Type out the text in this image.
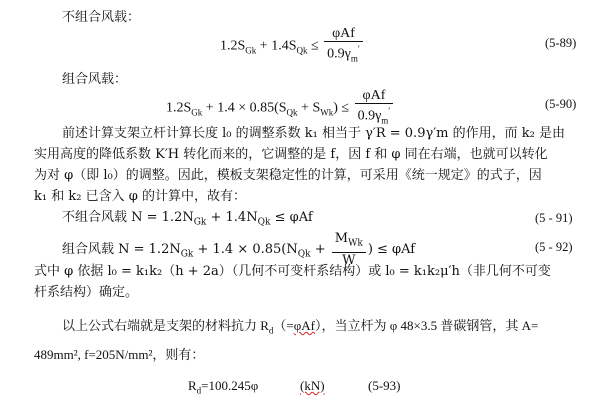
不组合风载：
$1.2S_{Gk} + 1.4S_{Qk} \le \frac{\text{φAf}}{0.9\gamma_m'}$	(5-89)
组合风载：
$1.2S_{Gk} + 1.4 \times 0.85(S_{Qk} + S_{Wk}) \le \frac{\text{φAf}}{0.9\gamma_m'}$	(5-90)
前述计算支架立杆计算长度 l₀ 的调整系数 k₁ 相当于 γ′R = 0.9γ′m 的作用，而 k₂ 是由
实用高度的降低系数 K′H 转化而来的，它调整的是 f，因 f 和 φ 同在右端，也就可以转化
为对 φ（即 l₀）的调整。因此，模板支架稳定性的计算，可采用《统一规定》的式子，因
k₁ 和 k₂ 已含入 φ 的计算中，故有：
不组合风载 $N = 1.2N_{Gk} + 1.4N_{Qk} \le \varphi Af$	(5 - 91)
组合风载 $N = 1.2N_{Gk} + 1.4 \times 0.85(N_{Qk} + \frac{M_{Wk}}{W}$ ) ≤ φAf	(5 - 92)
式中 φ 依据 l₀ = k₁k₂（h + 2a）（几何不可变杆系结构）或 l₀ = k₁k₂μ′h（非几何不可变
杆系结构）确定。
以上公式右端就是支架的材料抗力 $R_d(=\varphi Af)$，当立杆为 φ 48×3.5 普碳钢管，其 A=
489mm², f=205N/mm²，则有：
$R_d=100.245\varphi$	(kN)	(5-93)
